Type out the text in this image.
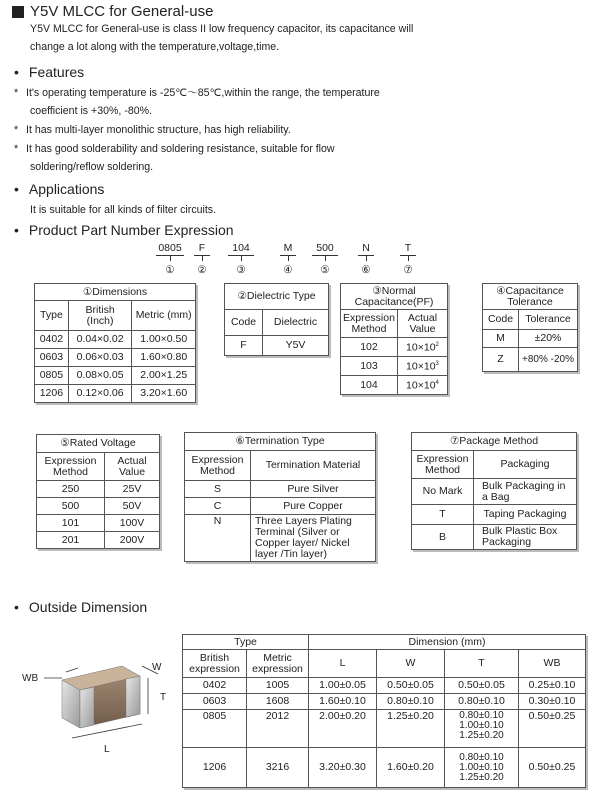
Y5V MLCC for General-use
Y5V MLCC for General-use is class II low frequency capacitor, its capacitance will
change a lot along with the temperature,voltage,time.
• Features
* It's operating temperature is -25℃～85℃,within the range, the temperature
coefficient is +30%, -80%.
* It has multi-layer monolithic structure, has high reliability.
* It has good solderability and soldering resistance, suitable for flow
soldering/reflow soldering.
• Applications
It is suitable for all kinds of filter circuits.
• Product Part Number Expression
0805	F	104	M	500	N	T
①	②	③	④	⑤	⑥	⑦
①Dimensions		
Type	British (Inch)	Metric (mm)
0402	0.04×0.02	1.00×0.50
0603	0.06×0.03	1.60×0.80
0805	0.08×0.05	2.00×1.25
1206	0.12×0.06	3.20×1.60
②Dielectric Type	
Code	Dielectric
F	Y5V
③Normal Capacitance(PF)	
Expression Method	Actual Value
102	$10\times 10^2$
103	$10\times 10^3$
104	$10\times 10^4$
④Capacitance Tolerance	
Code	Tolerance
M	±20%
Z	+80% -20%
⑤Rated Voltage	
Expression Method	Actual Value
250	25V
500	50V
101	100V
201	200V
⑥Termination Type	
Expression Method	Termination Material
S	Pure Silver
C	Pure Copper
N	Three Layers Plating Terminal (Silver or Copper layer/ Nickel layer /Tin layer)
⑦Package Method	
Expression Method	Packaging
No Mark	Bulk Packaging in a Bag
T	Taping Packaging
B	Bulk Plastic Box Packaging
• Outside Dimension
WB
W
T
L
Type		Dimension (mm)			
British expression	Metric expression	L	W	T	WB
0402	1005	1.00±0.05	0.50±0.05	0.50±0.05	0.25±0.10
0603	1608	1.60±0.10	0.80±0.10	0.80±0.10	0.30±0.10
0805	2012	2.00±0.20	1.25±0.20	0.80±0.10 1.00±0.10 1.25±0.20	0.50±0.25
1206	3216	3.20±0.30	1.60±0.20	0.80±0.10 1.00±0.10 1.25±0.20	0.50±0.25
